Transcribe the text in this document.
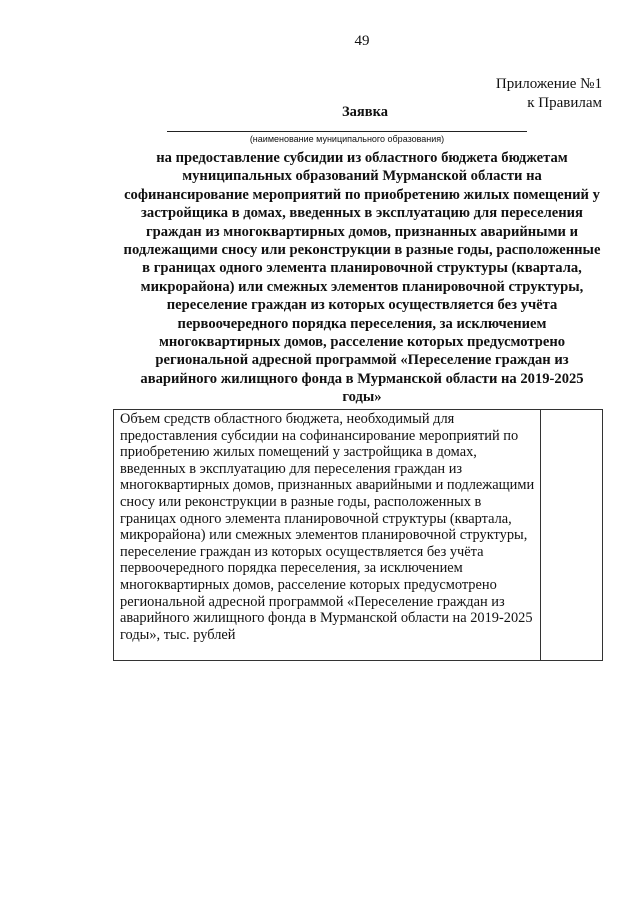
49
Приложение №1
к Правилам
Заявка
(наименование муниципального образования)
на предоставление субсидии из областного бюджета бюджетам
муниципальных образований Мурманской области на
софинансирование мероприятий по приобретению жилых помещений у
застройщика в домах, введенных в эксплуатацию для переселения
граждан из многоквартирных домов, признанных аварийными и
подлежащими сносу или реконструкции в разные годы, расположенные
в границах одного элемента планировочной структуры (квартала,
микрорайона) или смежных элементов планировочной структуры,
переселение граждан из которых осуществляется без учёта
первоочередного порядка переселения, за исключением
многоквартирных домов, расселение которых предусмотрено
региональной адресной программой «Переселение граждан из
аварийного жилищного фонда в Мурманской области на 2019-2025
годы»
Объем средств областного бюджета, необходимый для
предоставления субсидии на софинансирование мероприятий по
приобретению жилых помещений у застройщика в домах,
введенных в эксплуатацию для переселения граждан из
многоквартирных домов, признанных аварийными и подлежащими
сносу или реконструкции в разные годы, расположенных в
границах одного элемента планировочной структуры (квартала,
микрорайона) или смежных элементов планировочной структуры,
переселение граждан из которых осуществляется без учёта
первоочередного порядка переселения, за исключением
многоквартирных домов, расселение которых предусмотрено
региональной адресной программой «Переселение граждан из
аварийного жилищного фонда в Мурманской области на 2019-2025
годы», тыс. рублей
